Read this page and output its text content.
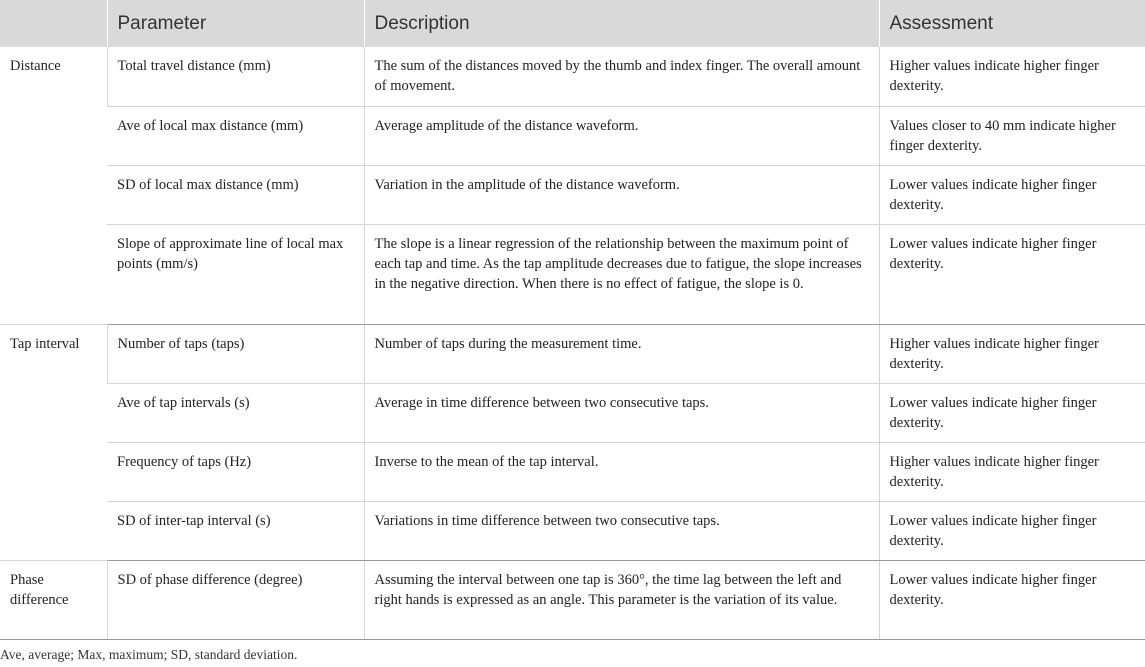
	Parameter	Description	Assessment
Distance	Total travel distance (mm)	The sum of the distances moved by the thumb and index finger. The overall amount of movement.	Higher values indicate higher finger dexterity.
	Ave of local max distance (mm)	Average amplitude of the distance waveform.	Values closer to 40 mm indicate higher finger dexterity.
	SD of local max distance (mm)	Variation in the amplitude of the distance waveform.	Lower values indicate higher finger dexterity.
	Slope of approximate line of local max points (mm/s)	The slope is a linear regression of the relationship between the maximum point of each tap and time. As the tap amplitude decreases due to fatigue, the slope increases in the negative direction. When there is no effect of fatigue, the slope is 0.	Lower values indicate higher finger dexterity.
Tap interval	Number of taps (taps)	Number of taps during the measurement time.	Higher values indicate higher finger dexterity.
	Ave of tap intervals (s)	Average in time difference between two consecutive taps.	Lower values indicate higher finger dexterity.
	Frequency of taps (Hz)	Inverse to the mean of the tap interval.	Higher values indicate higher finger dexterity.
	SD of inter-tap interval (s)	Variations in time difference between two consecutive taps.	Lower values indicate higher finger dexterity.
Phase difference	SD of phase difference (degree)	Assuming the interval between one tap is 360°, the time lag between the left and right hands is expressed as an angle. This parameter is the variation of its value.	Lower values indicate higher finger dexterity.
Ave, average; Max, maximum; SD, standard deviation.
